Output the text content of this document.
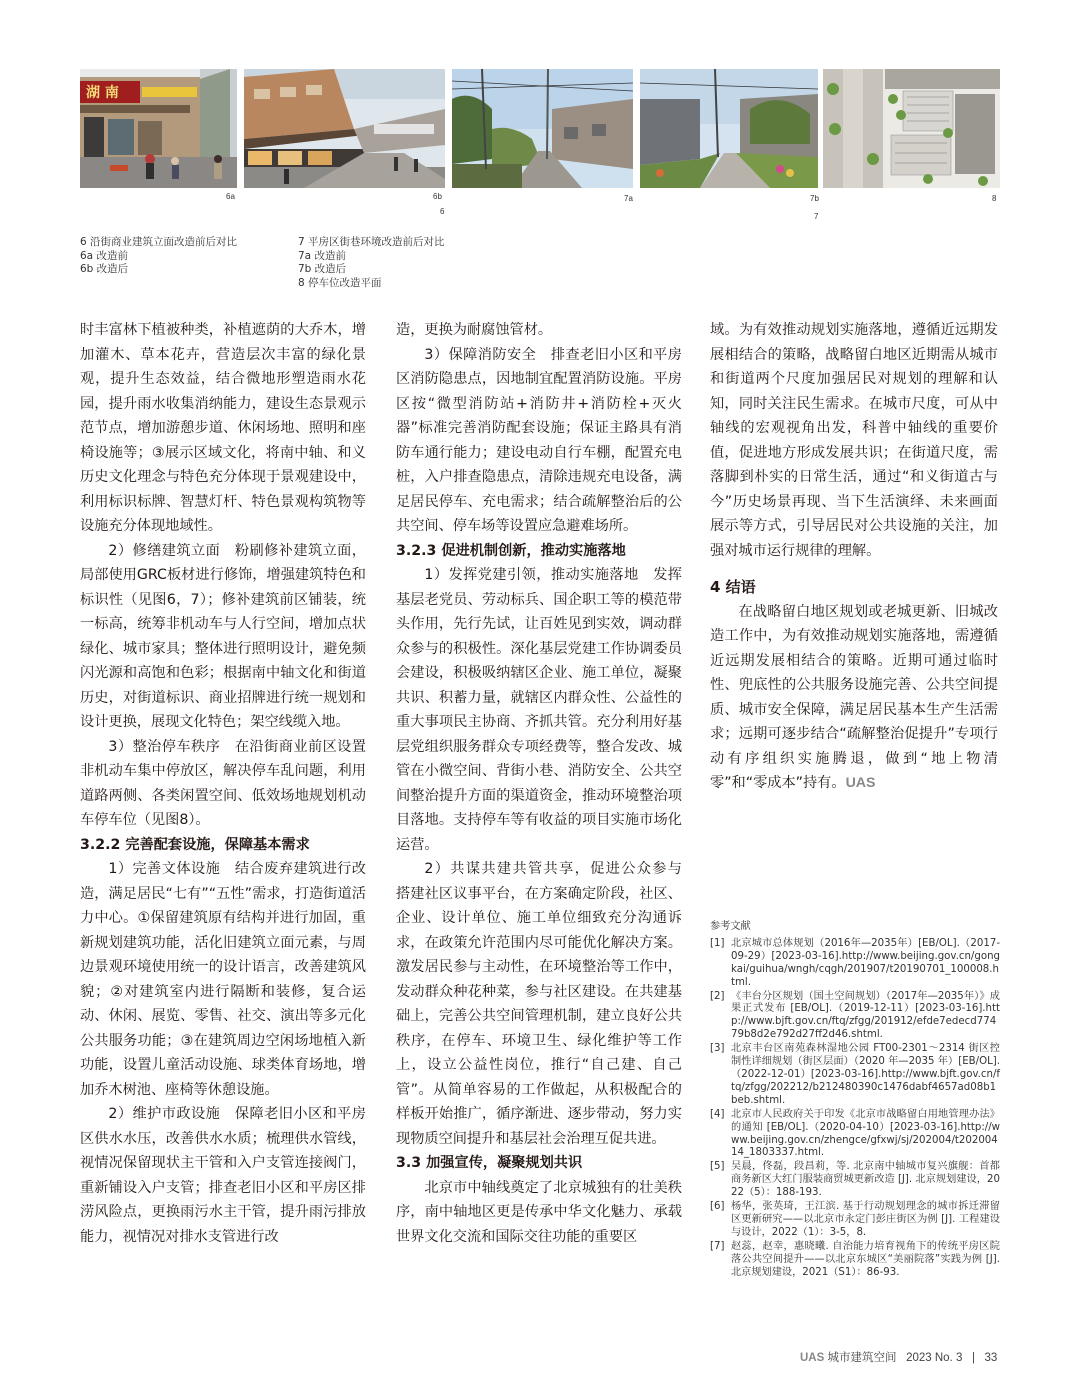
湖 南
6a	6b
6
7a	7b
7
8
6 沿街商业建筑立面改造前后对比
6a 改造前
6b 改造后
7 平房区街巷环境改造前后对比
7a 改造前
7b 改造后
8 停车位改造平面

时丰富林下植被种类，补植遮荫的大乔木，增加灌木、草本花卉，营造层次丰富的绿化景观，提升生态效益，结合微地形塑造雨水花园，提升雨水收集消纳能力，建设生态景观示范节点，增加游憩步道、休闲场地、照明和座椅设施等；③展示区域文化，将南中轴、和义历史文化理念与特色充分体现于景观建设中，利用标识标牌、智慧灯杆、特色景观构筑物等设施充分体现地域性。

2）修缮建筑立面　粉刷修补建筑立面，局部使用GRC板材进行修饰，增强建筑特色和标识性（见图6，7）；修补建筑前区铺装，统一标高，统筹非机动车与人行空间，增加点状绿化、城市家具；整体进行照明设计，避免频闪光源和高饱和色彩；根据南中轴文化和街道历史，对街道标识、商业招牌进行统一规划和设计更换，展现文化特色；架空线缆入地。

3）整治停车秩序　在沿街商业前区设置非机动车集中停放区，解决停车乱问题，利用道路两侧、各类闲置空间、低效场地规划机动车停车位（见图8）。

3.2.2 完善配套设施，保障基本需求

1）完善文体设施　结合废弃建筑进行改造，满足居民“七有”“五性”需求，打造街道活力中心。①保留建筑原有结构并进行加固，重新规划建筑功能，活化旧建筑立面元素，与周边景观环境使用统一的设计语言，改善建筑风貌；②对建筑室内进行隔断和装修，复合运动、休闲、展览、零售、社交、演出等多元化公共服务功能；③在建筑周边空闲场地植入新功能，设置儿童活动设施、球类体育场地，增加乔木树池、座椅等休憩设施。

2）维护市政设施　保障老旧小区和平房区供水水压，改善供水水质；梳理供水管线，视情况保留现状主干管和入户支管连接阀门，重新铺设入户支管；排查老旧小区和平房区排涝风险点，更换雨污水主干管，提升雨污排放能力，视情况对排水支管进行改

造，更换为耐腐蚀管材。

3）保障消防安全　排查老旧小区和平房区消防隐患点，因地制宜配置消防设施。平房区按“微型消防站+消防井+消防栓+灭火器”标准完善消防配套设施；保证主路具有消防车通行能力；建设电动自行车棚，配置充电桩，入户排查隐患点，清除违规充电设备，满足居民停车、充电需求；结合疏解整治后的公共空间、停车场等设置应急避难场所。

3.2.3 促进机制创新，推动实施落地

1）发挥党建引领，推动实施落地　发挥基层老党员、劳动标兵、国企职工等的模范带头作用，先行先试，让百姓见到实效，调动群众参与的积极性。深化基层党建工作协调委员会建设，积极吸纳辖区企业、施工单位，凝聚共识、积蓄力量，就辖区内群众性、公益性的重大事项民主协商、齐抓共管。充分利用好基层党组织服务群众专项经费等，整合发改、城管在小微空间、背街小巷、消防安全、公共空间整治提升方面的渠道资金，推动环境整治项目落地。支持停车等有收益的项目实施市场化运营。

2）共谋共建共管共享，促进公众参与　搭建社区议事平台，在方案确定阶段，社区、企业、设计单位、施工单位细致充分沟通诉求，在政策允许范围内尽可能优化解决方案。激发居民参与主动性，在环境整治等工作中，发动群众种花种菜，参与社区建设。在共建基础上，完善公共空间管理机制，建立良好公共秩序，在停车、环境卫生、绿化维护等工作上，设立公益性岗位，推行“自己建、自己管”。从简单容易的工作做起，从积极配合的样板开始推广，循序渐进、逐步带动，努力实现物质空间提升和基层社会治理互促共进。

3.3 加强宣传，凝聚规划共识

北京市中轴线奠定了北京城独有的壮美秩序，南中轴地区更是传承中华文化魅力、承载世界文化交流和国际交往功能的重要区

域。为有效推动规划实施落地，遵循近远期发展相结合的策略，战略留白地区近期需从城市和街道两个尺度加强居民对规划的理解和认知，同时关注民生需求。在城市尺度，可从中轴线的宏观视角出发，科普中轴线的重要价值，促进地方形成发展共识；在街道尺度，需落脚到朴实的日常生活，通过“和义街道古与今”历史场景再现、当下生活演绎、未来画面展示等方式，引导居民对公共设施的关注，加强对城市运行规律的理解。

4 结语

在战略留白地区规划或老城更新、旧城改造工作中，为有效推动规划实施落地，需遵循近远期发展相结合的策略。近期可通过临时性、兜底性的公共服务设施完善、公共空间提质、城市安全保障，满足居民基本生产生活需求；远期可逐步结合“疏解整治促提升”专项行动有序组织实施腾退，做到“地上物清零”和“零成本”持有。UAS

参考文献
[1] 北京城市总体规划（2016年—2035年）[EB/OL].（2017-09-29）[2023-03-16].http://www.beijing.gov.cn/gongkai/guihua/wngh/cqgh/201907/t20190701_100008.html.
[2] 《丰台分区规划（国土空间规划）（2017年—2035年）》成果正式发布 [EB/OL].（2019-12-11）[2023-03-16].http://www.bjft.gov.cn/ftq/zfgg/201912/efde7edecd774 79b8d2e792d27ff2d46.shtml.
[3] 北京丰台区南苑森林湿地公园 FT00-2301～2314 街区控制性详细规划（街区层面）（2020 年—2035 年）[EB/OL].（2022-12-01）[2023-03-16].http://www.bjft.gov.cn/ftq/zfgg/202212/b212480390c1476dabf4657ad08b1beb.shtml.
[4] 北京市人民政府关于印发《北京市战略留白用地管理办法》的通知 [EB/OL].（2020-04-10）[2023-03-16].http://www.beijing.gov.cn/zhengce/gfxwj/sj/202004/t20200414_1803337.html.
[5] 吴晨，佟磊，段昌莉，等. 北京南中轴城市复兴旗舰：首都商务新区大红门服装商贸城更新改造 [J]. 北京规划建设，2022（5）：188-193.
[6] 杨华，张英琦，王江滨. 基于行动规划理念的城市拆迁滞留区更新研究——以北京市永定门彭庄街区为例 [J]. 工程建设与设计，2022（1）：3-5，8.
[7] 赵蕊，赵幸，惠晓曦. 自治能力培育视角下的传统平房区院落公共空间提升——以北京东城区“美丽院落”实践为例 [J]. 北京规划建设，2021（S1）：86-93.
UAS 城市建筑空间 2023 No. 3 | 33
